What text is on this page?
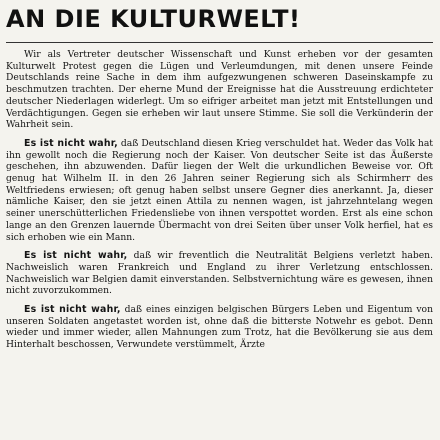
AN DIE KULTURWELT!

Wir als Vertreter deutscher Wissenschaft und Kunst erheben vor der gesamten Kulturwelt Protest gegen die Lügen und Verleumdungen, mit denen unsere Feinde Deutschlands reine Sache in dem ihm aufgezwungenen schweren Daseinskampfe zu beschmutzen trachten. Der eherne Mund der Ereignisse hat die Ausstreuung erdichteter deutscher Niederlagen widerlegt. Um so eifriger arbeitet man jetzt mit Entstellungen und Verdächtigungen. Gegen sie erheben wir laut unsere Stimme. Sie soll die Verkünderin der Wahrheit sein.

Es ist nicht wahr, daß Deutschland diesen Krieg verschuldet hat. Weder das Volk hat ihn gewollt noch die Regierung noch der Kaiser. Von deutscher Seite ist das Äußerste geschehen, ihn abzuwenden. Dafür liegen der Welt die urkundlichen Beweise vor. Oft genug hat Wilhelm II. in den 26 Jahren seiner Regierung sich als Schirmherr des Weltfriedens erwiesen; oft genug haben selbst unsere Gegner dies anerkannt. Ja, dieser nämliche Kaiser, den sie jetzt einen Attila zu nennen wagen, ist jahrzehntelang wegen seiner unerschütterlichen Friedensliebe von ihnen verspottet worden. Erst als eine schon lange an den Grenzen lauernde Übermacht von drei Seiten über unser Volk herfiel, hat es sich erhoben wie ein Mann.

Es ist nicht wahr, daß wir freventlich die Neutralität Belgiens verletzt haben. Nachweislich waren Frankreich und England zu ihrer Verletzung entschlossen. Nachweislich war Belgien damit einverstanden. Selbstvernichtung wäre es gewesen, ihnen nicht zuvorzukommen.

Es ist nicht wahr, daß eines einzigen belgischen Bürgers Leben und Eigentum von unseren Soldaten angetastet worden ist, ohne daß die bitterste Notwehr es gebot. Denn wieder und immer wieder, allen Mahnungen zum Trotz, hat die Bevölkerung sie aus dem Hinterhalt beschossen, Verwundete verstümmelt, Ärzte
